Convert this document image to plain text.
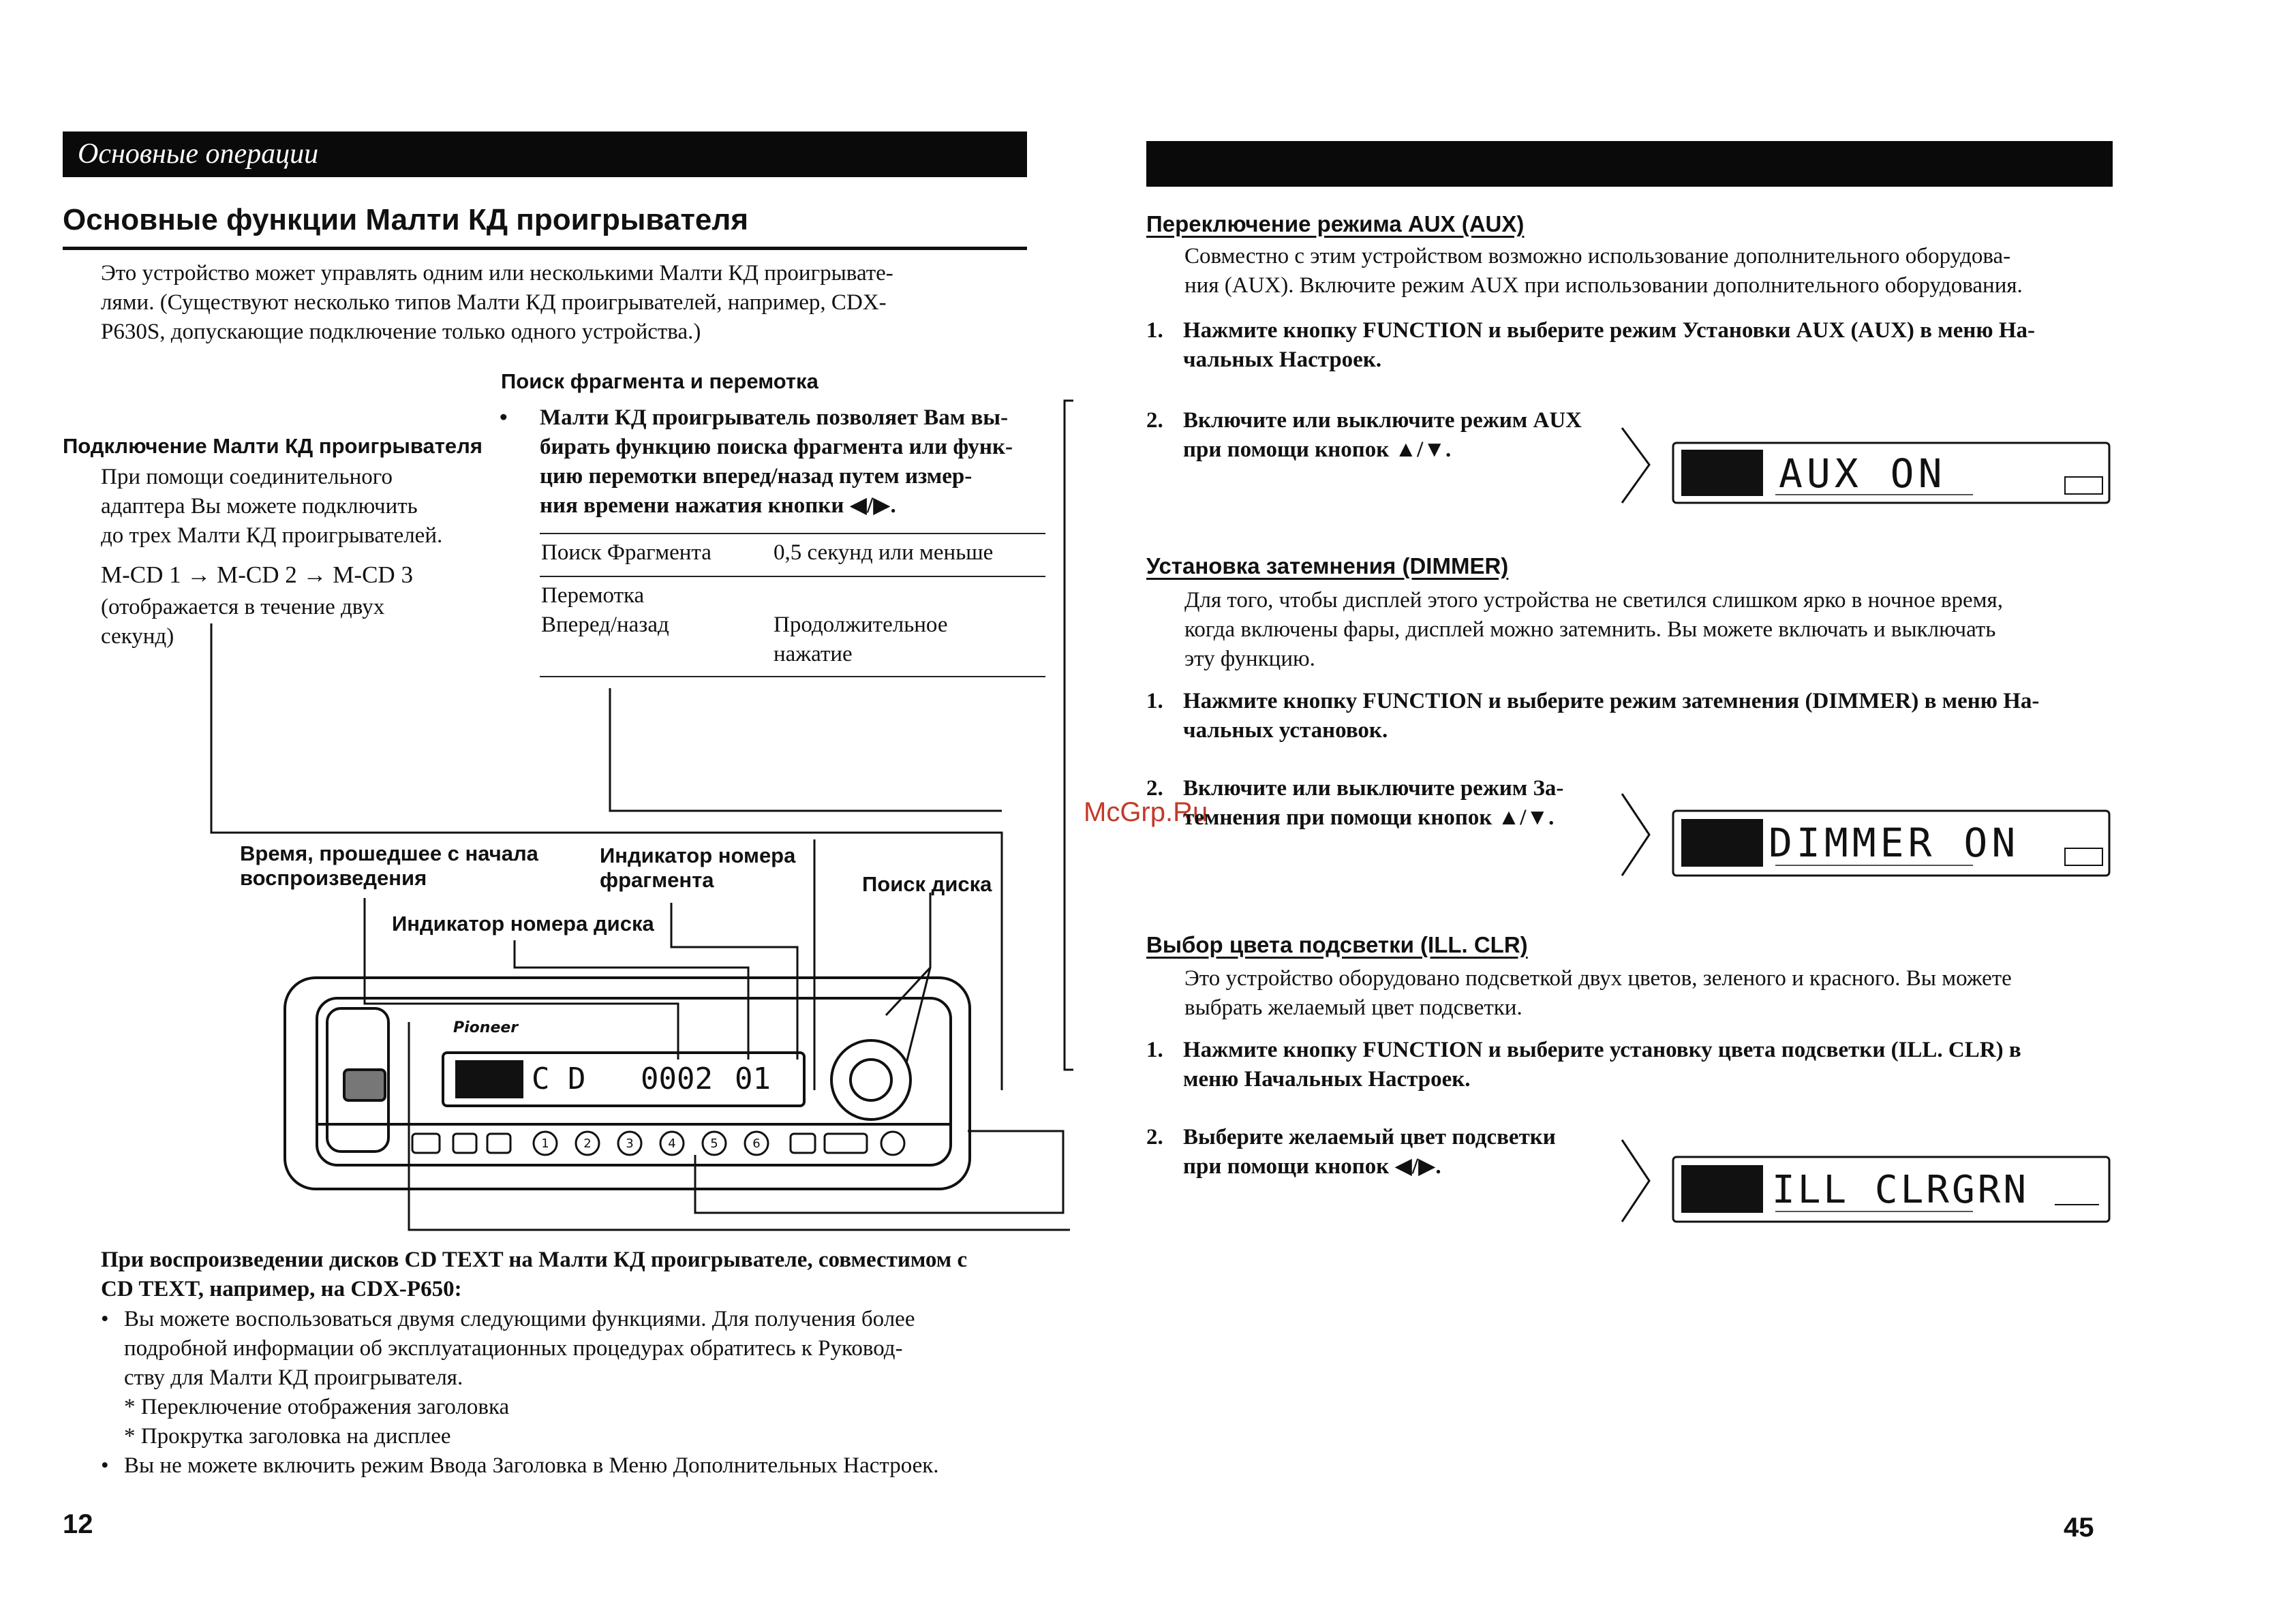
Основные операции
Основные функции Малти КД проигрывателя
Это устройство может управлять одним или несколькими Малти КД проигрывате-
лями. (Существуют несколько типов Малти КД проигрывателей, например, CDX-
P630S, допускающие подключение только одного устройства.)
Поиск фрагмента и перемотка
• Малти КД проигрыватель позволяет Вам вы-
бирать функцию поиска фрагмента или функ-
цию перемотки вперед/назад путем измер-
ния времени нажатия кнопки ◀/▶.
Поиск Фрагмента	0,5 секунд или меньше
Перемотка
Вперед/назад	Продолжительное
нажатие
Подключение Малти КД проигрывателя
При помощи соединительного
адаптера Вы можете подключить
до трех Малти КД проигрывателей.
M-CD 1 → M-CD 2 → M-CD 3
(отображается в течение двух
секунд)
Время, прошедшее с начала
воспроизведения
Индикатор номера
фрагмента	Поиск диска
Индикатор номера диска
C D 0002 01
Pioneer
1	2	3	4	5	6
При воспроизведении дисков CD TEXT на Малти КД проигрывателе, совместимом с
CD TEXT, например, на CDX-P650:
• Вы можете воспользоваться двумя следующими функциями. Для получения более
подробной информации об эксплуатационных процедурах обратитесь к Руковод-
ству для Малти КД проигрывателя.
* Переключение отображения заголовка
* Прокрутка заголовка на дисплее
• Вы не можете включить режим Ввода Заголовка в Меню Дополнительных Настроек.
12
McGrp.Ru
Переключение режима AUX (AUX)
Совместно с этим устройством возможно использование дополнительного оборудова-
ния (AUX). Включите режим AUX при использовании дополнительного оборудования.
1. Нажмите кнопку FUNCTION и выберите режим Установки AUX (AUX) в меню На-
чальных Настроек.
2. Включите или выключите режим AUX
при помощи кнопок ▲/▼.
AUX ON
Установка затемнения (DIMMER)
Для того, чтобы дисплей этого устройства не светился слишком ярко в ночное время,
когда включены фары, дисплей можно затемнить. Вы можете включать и выключать
эту функцию.
1. Нажмите кнопку FUNCTION и выберите режим затемнения (DIMMER) в меню На-
чальных установок.
2. Включите или выключите режим За-
темнения при помощи кнопок ▲/▼.
DIMMER ON
Выбор цвета подсветки (ILL. CLR)
Это устройство оборудовано подсветкой двух цветов, зеленого и красного. Вы можете
выбрать желаемый цвет подсветки.
1. Нажмите кнопку FUNCTION и выберите установку цвета подсветки (ILL. CLR) в
меню Начальных Настроек.
2. Выберите желаемый цвет подсветки
при помощи кнопок ◀/▶.
ILL CLRGRN
45
